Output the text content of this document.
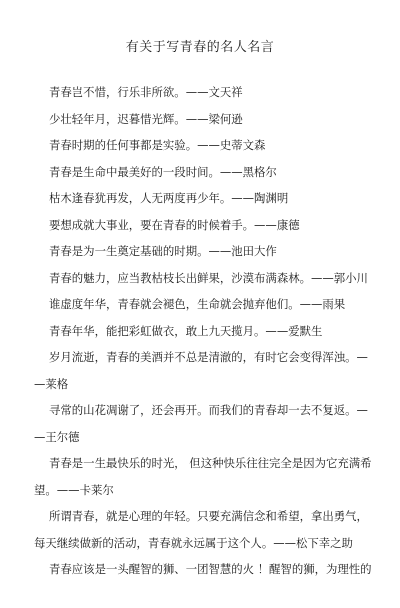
有关于写青春的名人名言
青春岂不惜，行乐非所欲。——文天祥
少壮轻年月，迟暮惜光辉。——梁何逊
青春时期的任何事都是实验。——史蒂文森
青春是生命中最美好的一段时间。——黑格尔
枯木逢春犹再发，人无两度再少年。——陶渊明
要想成就大事业，要在青春的时候着手。——康德
青春是为一生奠定基础的时期。——池田大作
青春的魅力，应当教枯枝长出鲜果，沙漠布满森林。——郭小川
谁虚度年华，青春就会褪色，生命就会抛弃他们。——雨果
青春年华，能把彩虹做衣，敢上九天揽月。——爱默生
岁月流逝，青春的美酒并不总是清澈的，有时它会变得浑浊。—
—莱格
寻常的山花凋谢了，还会再开。而我们的青春却一去不复返。—
—王尔德
青春是一生最快乐的时光， 但这种快乐往往完全是因为它充满希
望。——卡莱尔
所谓青春，就是心理的年轻。只要充满信念和希望，拿出勇气，
每天继续做新的活动，青春就永远属于这个人。——松下幸之助
青春应该是一头醒智的狮、一团智慧的火 ！醒智的狮，为理性的
